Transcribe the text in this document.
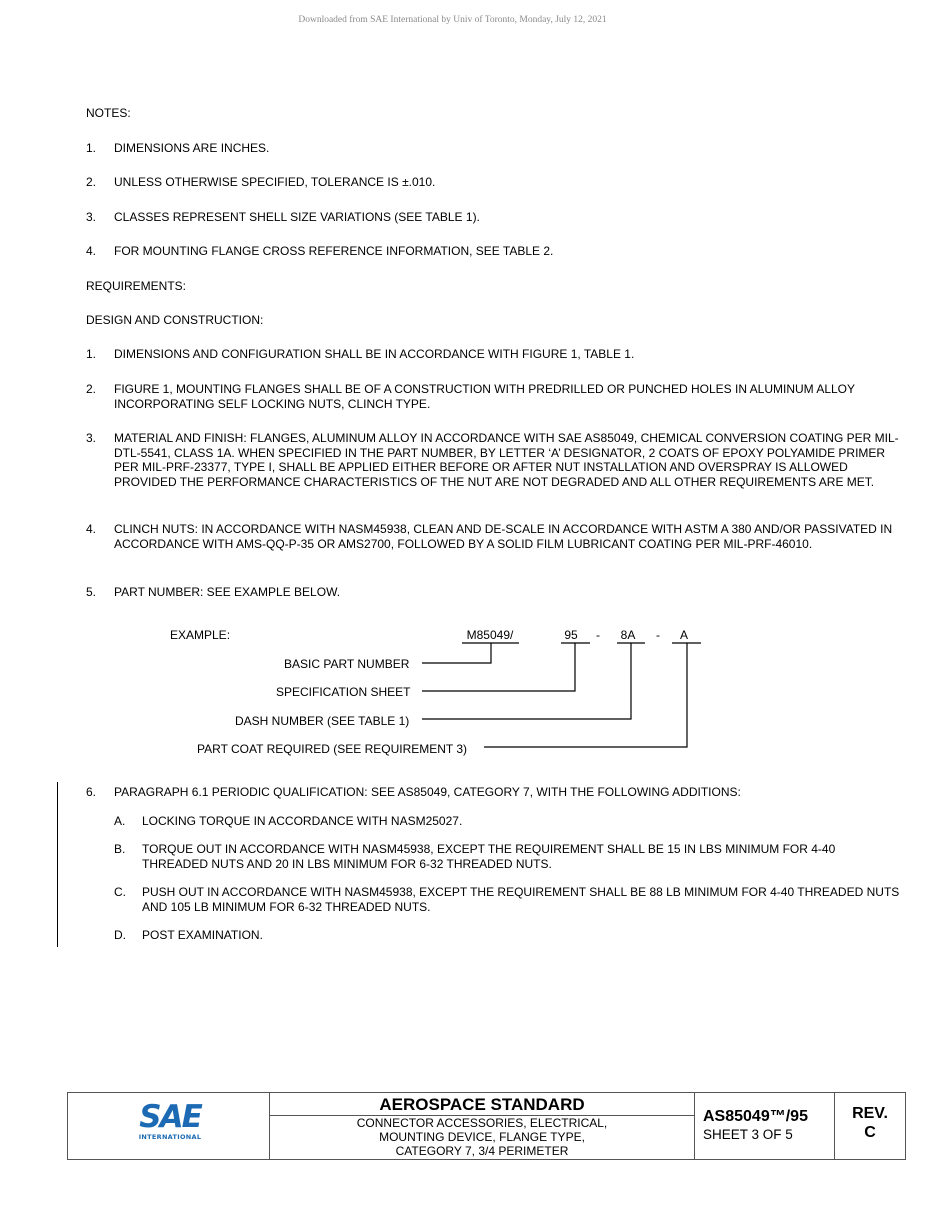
Downloaded from SAE International by Univ of Toronto, Monday, July 12, 2021
NOTES:
1. DIMENSIONS ARE INCHES.
2. UNLESS OTHERWISE SPECIFIED, TOLERANCE IS ±.010.
3. CLASSES REPRESENT SHELL SIZE VARIATIONS (SEE TABLE 1).
4. FOR MOUNTING FLANGE CROSS REFERENCE INFORMATION, SEE TABLE 2.
REQUIREMENTS:
DESIGN AND CONSTRUCTION:
1. DIMENSIONS AND CONFIGURATION SHALL BE IN ACCORDANCE WITH FIGURE 1, TABLE 1.
2. FIGURE 1, MOUNTING FLANGES SHALL BE OF A CONSTRUCTION WITH PREDRILLED OR PUNCHED HOLES IN ALUMINUM ALLOY INCORPORATING SELF LOCKING NUTS, CLINCH TYPE.
3. MATERIAL AND FINISH: FLANGES, ALUMINUM ALLOY IN ACCORDANCE WITH SAE AS85049, CHEMICAL CONVERSION COATING PER MIL-DTL-5541, CLASS 1A. WHEN SPECIFIED IN THE PART NUMBER, BY LETTER ‘A’ DESIGNATOR, 2 COATS OF EPOXY POLYAMIDE PRIMER PER MIL-PRF-23377, TYPE I, SHALL BE APPLIED EITHER BEFORE OR AFTER NUT INSTALLATION AND OVERSPRAY IS ALLOWED PROVIDED THE PERFORMANCE CHARACTERISTICS OF THE NUT ARE NOT DEGRADED AND ALL OTHER REQUIREMENTS ARE MET.
4. CLINCH NUTS: IN ACCORDANCE WITH NASM45938, CLEAN AND DE-SCALE IN ACCORDANCE WITH ASTM A 380 AND/OR PASSIVATED IN ACCORDANCE WITH AMS-QQ-P-35 OR AMS2700, FOLLOWED BY A SOLID FILM LUBRICANT COATING PER MIL-PRF-46010.
5. PART NUMBER: SEE EXAMPLE BELOW.
EXAMPLE:	M85049/	95 -	8A	-	A
BASIC PART NUMBER
SPECIFICATION SHEET
DASH NUMBER (SEE TABLE 1)
PART COAT REQUIRED (SEE REQUIREMENT 3)
6. PARAGRAPH 6.1 PERIODIC QUALIFICATION: SEE AS85049, CATEGORY 7, WITH THE FOLLOWING ADDITIONS:
A. LOCKING TORQUE IN ACCORDANCE WITH NASM25027.
B. TORQUE OUT IN ACCORDANCE WITH NASM45938, EXCEPT THE REQUIREMENT SHALL BE 15 IN LBS MINIMUM FOR 4-40 THREADED NUTS AND 20 IN LBS MINIMUM FOR 6-32 THREADED NUTS.
C. PUSH OUT IN ACCORDANCE WITH NASM45938, EXCEPT THE REQUIREMENT SHALL BE 88 LB MINIMUM FOR 4-40 THREADED NUTS AND 105 LB MINIMUM FOR 6-32 THREADED NUTS.
D. POST EXAMINATION.
SAE
INTERNATIONAL
AEROSPACE STANDARD
CONNECTOR ACCESSORIES, ELECTRICAL,
MOUNTING DEVICE, FLANGE TYPE,
CATEGORY 7, 3/4 PERIMETER
AS85049™/95
SHEET 3 OF 5
REV.
C
